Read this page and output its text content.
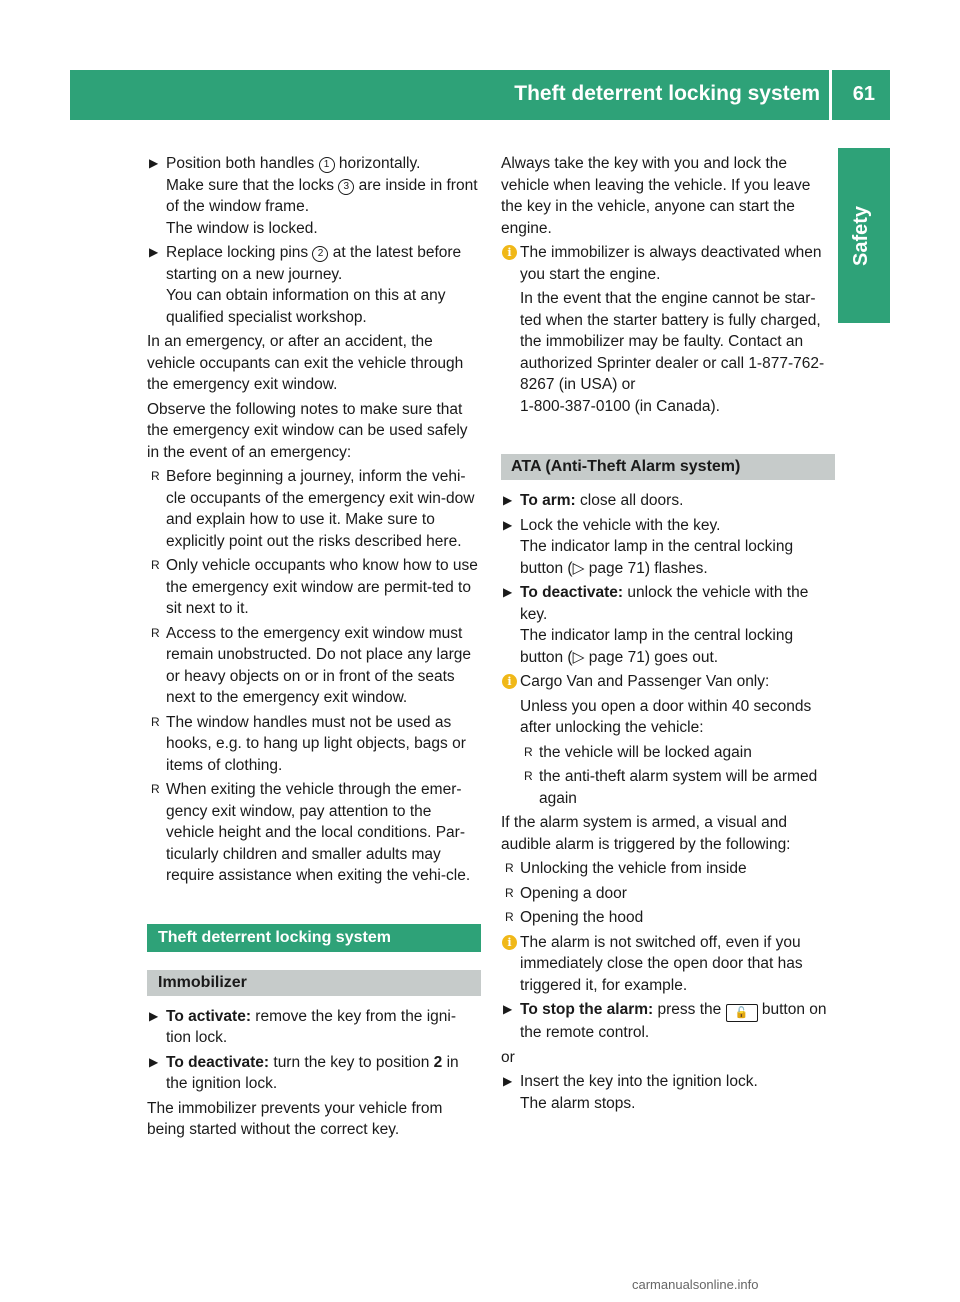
Theft deterrent locking system 61
Safety
▶ Position both handles 1 horizontally.
Make sure that the locks 3 are inside in front of the window frame.
The window is locked.
▶ Replace locking pins 2 at the latest before starting on a new journey.
You can obtain information on this at any qualified specialist workshop.

In an emergency, or after an accident, the vehicle occupants can exit the vehicle through the emergency exit window.

Observe the following notes to make sure that the emergency exit window can be used safely in the event of an emergency:

R Before beginning a journey, inform the vehi-cle occupants of the emergency exit win-dow and explain how to use it. Make sure to explicitly point out the risks described here.
R Only vehicle occupants who know how to use the emergency exit window are permit-ted to sit next to it.
R Access to the emergency exit window must remain unobstructed. Do not place any large or heavy objects on or in front of the seats next to the emergency exit window.
R The window handles must not be used as hooks, e.g. to hang up light objects, bags or items of clothing.
R When exiting the vehicle through the emer-gency exit window, pay attention to the vehicle height and the local conditions. Par-ticularly children and smaller adults may require assistance when exiting the vehi-cle.
Theft deterrent locking system
Immobilizer
▶ To activate: remove the key from the igni-tion lock.
▶ To deactivate: turn the key to position 2 in the ignition lock.

The immobilizer prevents your vehicle from being started without the correct key.

Always take the key with you and lock the vehicle when leaving the vehicle. If you leave the key in the vehicle, anyone can start the engine.

i The immobilizer is always deactivated when you start the engine.

In the event that the engine cannot be star-ted when the starter battery is fully charged, the immobilizer may be faulty. Contact an authorized Sprinter dealer or call 1-877-762-8267 (in USA) or

1-800-387-0100 (in Canada).

ATA (Anti-Theft Alarm system)
▶ To arm: close all doors.
▶ Lock the vehicle with the key.
The indicator lamp in the central locking button (▷ page 71) flashes.
▶ To deactivate: unlock the vehicle with the key.
The indicator lamp in the central locking button (▷ page 71) goes out.
i Cargo Van and Passenger Van only:

Unless you open a door within 40 seconds after unlocking the vehicle:

R the vehicle will be locked again
R the anti-theft alarm system will be armed again

If the alarm system is armed, a visual and audible alarm is triggered by the following:

R Unlocking the vehicle from inside
R Opening a door
R Opening the hood
i The alarm is not switched off, even if you immediately close the open door that has triggered it, for example.

▶ To stop the alarm: press the 🔓 button on the remote control.

or

▶ Insert the key into the ignition lock.
The alarm stops.
carmanualsonline.info
